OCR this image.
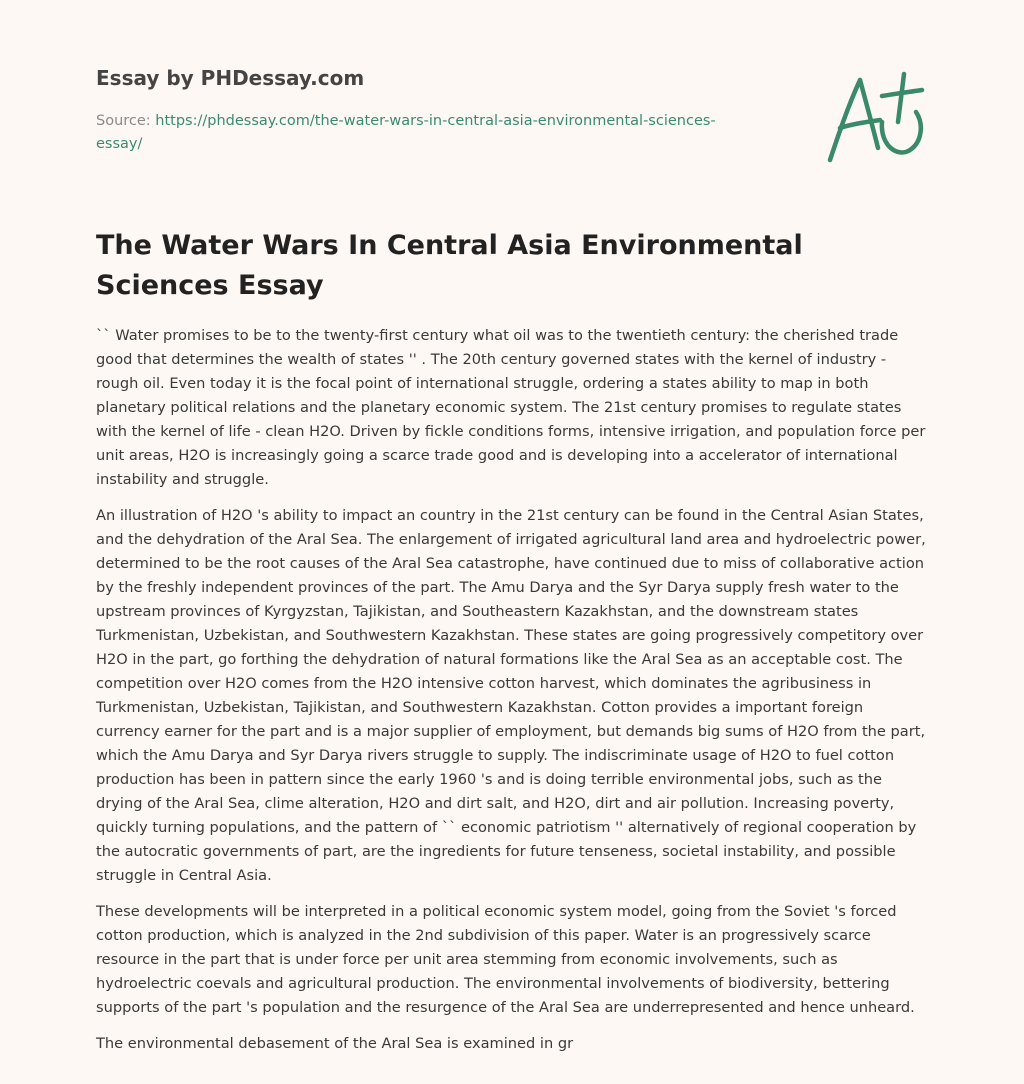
Essay by PHDessay.com
Source: https://phdessay.com/the-water-wars-in-central-asia-environmental-sciences-essay/
The Water Wars In Central Asia Environmental Sciences Essay

`` Water promises to be to the twenty-first century what oil was to the twentieth century: the cherished trade good that determines the wealth of states '' . The 20th century governed states with the kernel of industry - rough oil. Even today it is the focal point of international struggle, ordering a states ability to map in both planetary political relations and the planetary economic system. The 21st century promises to regulate states with the kernel of life - clean H2O. Driven by fickle conditions forms, intensive irrigation, and population force per unit areas, H2O is increasingly going a scarce trade good and is developing into a accelerator of international instability and struggle.

An illustration of H2O 's ability to impact an country in the 21st century can be found in the Central Asian States, and the dehydration of the Aral Sea. The enlargement of irrigated agricultural land area and hydroelectric power, determined to be the root causes of the Aral Sea catastrophe, have continued due to miss of collaborative action by the freshly independent provinces of the part. The Amu Darya and the Syr Darya supply fresh water to the upstream provinces of Kyrgyzstan, Tajikistan, and Southeastern Kazakhstan, and the downstream states Turkmenistan, Uzbekistan, and Southwestern Kazakhstan. These states are going progressively competitory over H2O in the part, go forthing the dehydration of natural formations like the Aral Sea as an acceptable cost. The competition over H2O comes from the H2O intensive cotton harvest, which dominates the agribusiness in Turkmenistan, Uzbekistan, Tajikistan, and Southwestern Kazakhstan. Cotton provides a important foreign currency earner for the part and is a major supplier of employment, but demands big sums of H2O from the part, which the Amu Darya and Syr Darya rivers struggle to supply. The indiscriminate usage of H2O to fuel cotton production has been in pattern since the early 1960 's and is doing terrible environmental jobs, such as the drying of the Aral Sea, clime alteration, H2O and dirt salt, and H2O, dirt and air pollution. Increasing poverty, quickly turning populations, and the pattern of `` economic patriotism '' alternatively of regional cooperation by the autocratic governments of part, are the ingredients for future tenseness, societal instability, and possible struggle in Central Asia.

These developments will be interpreted in a political economic system model, going from the Soviet 's forced cotton production, which is analyzed in the 2nd subdivision of this paper. Water is an progressively scarce resource in the part that is under force per unit area stemming from economic involvements, such as hydroelectric coevals and agricultural production. The environmental involvements of biodiversity, bettering supports of the part 's population and the resurgence of the Aral Sea are underrepresented and hence unheard.

The environmental debasement of the Aral Sea is examined in gr
